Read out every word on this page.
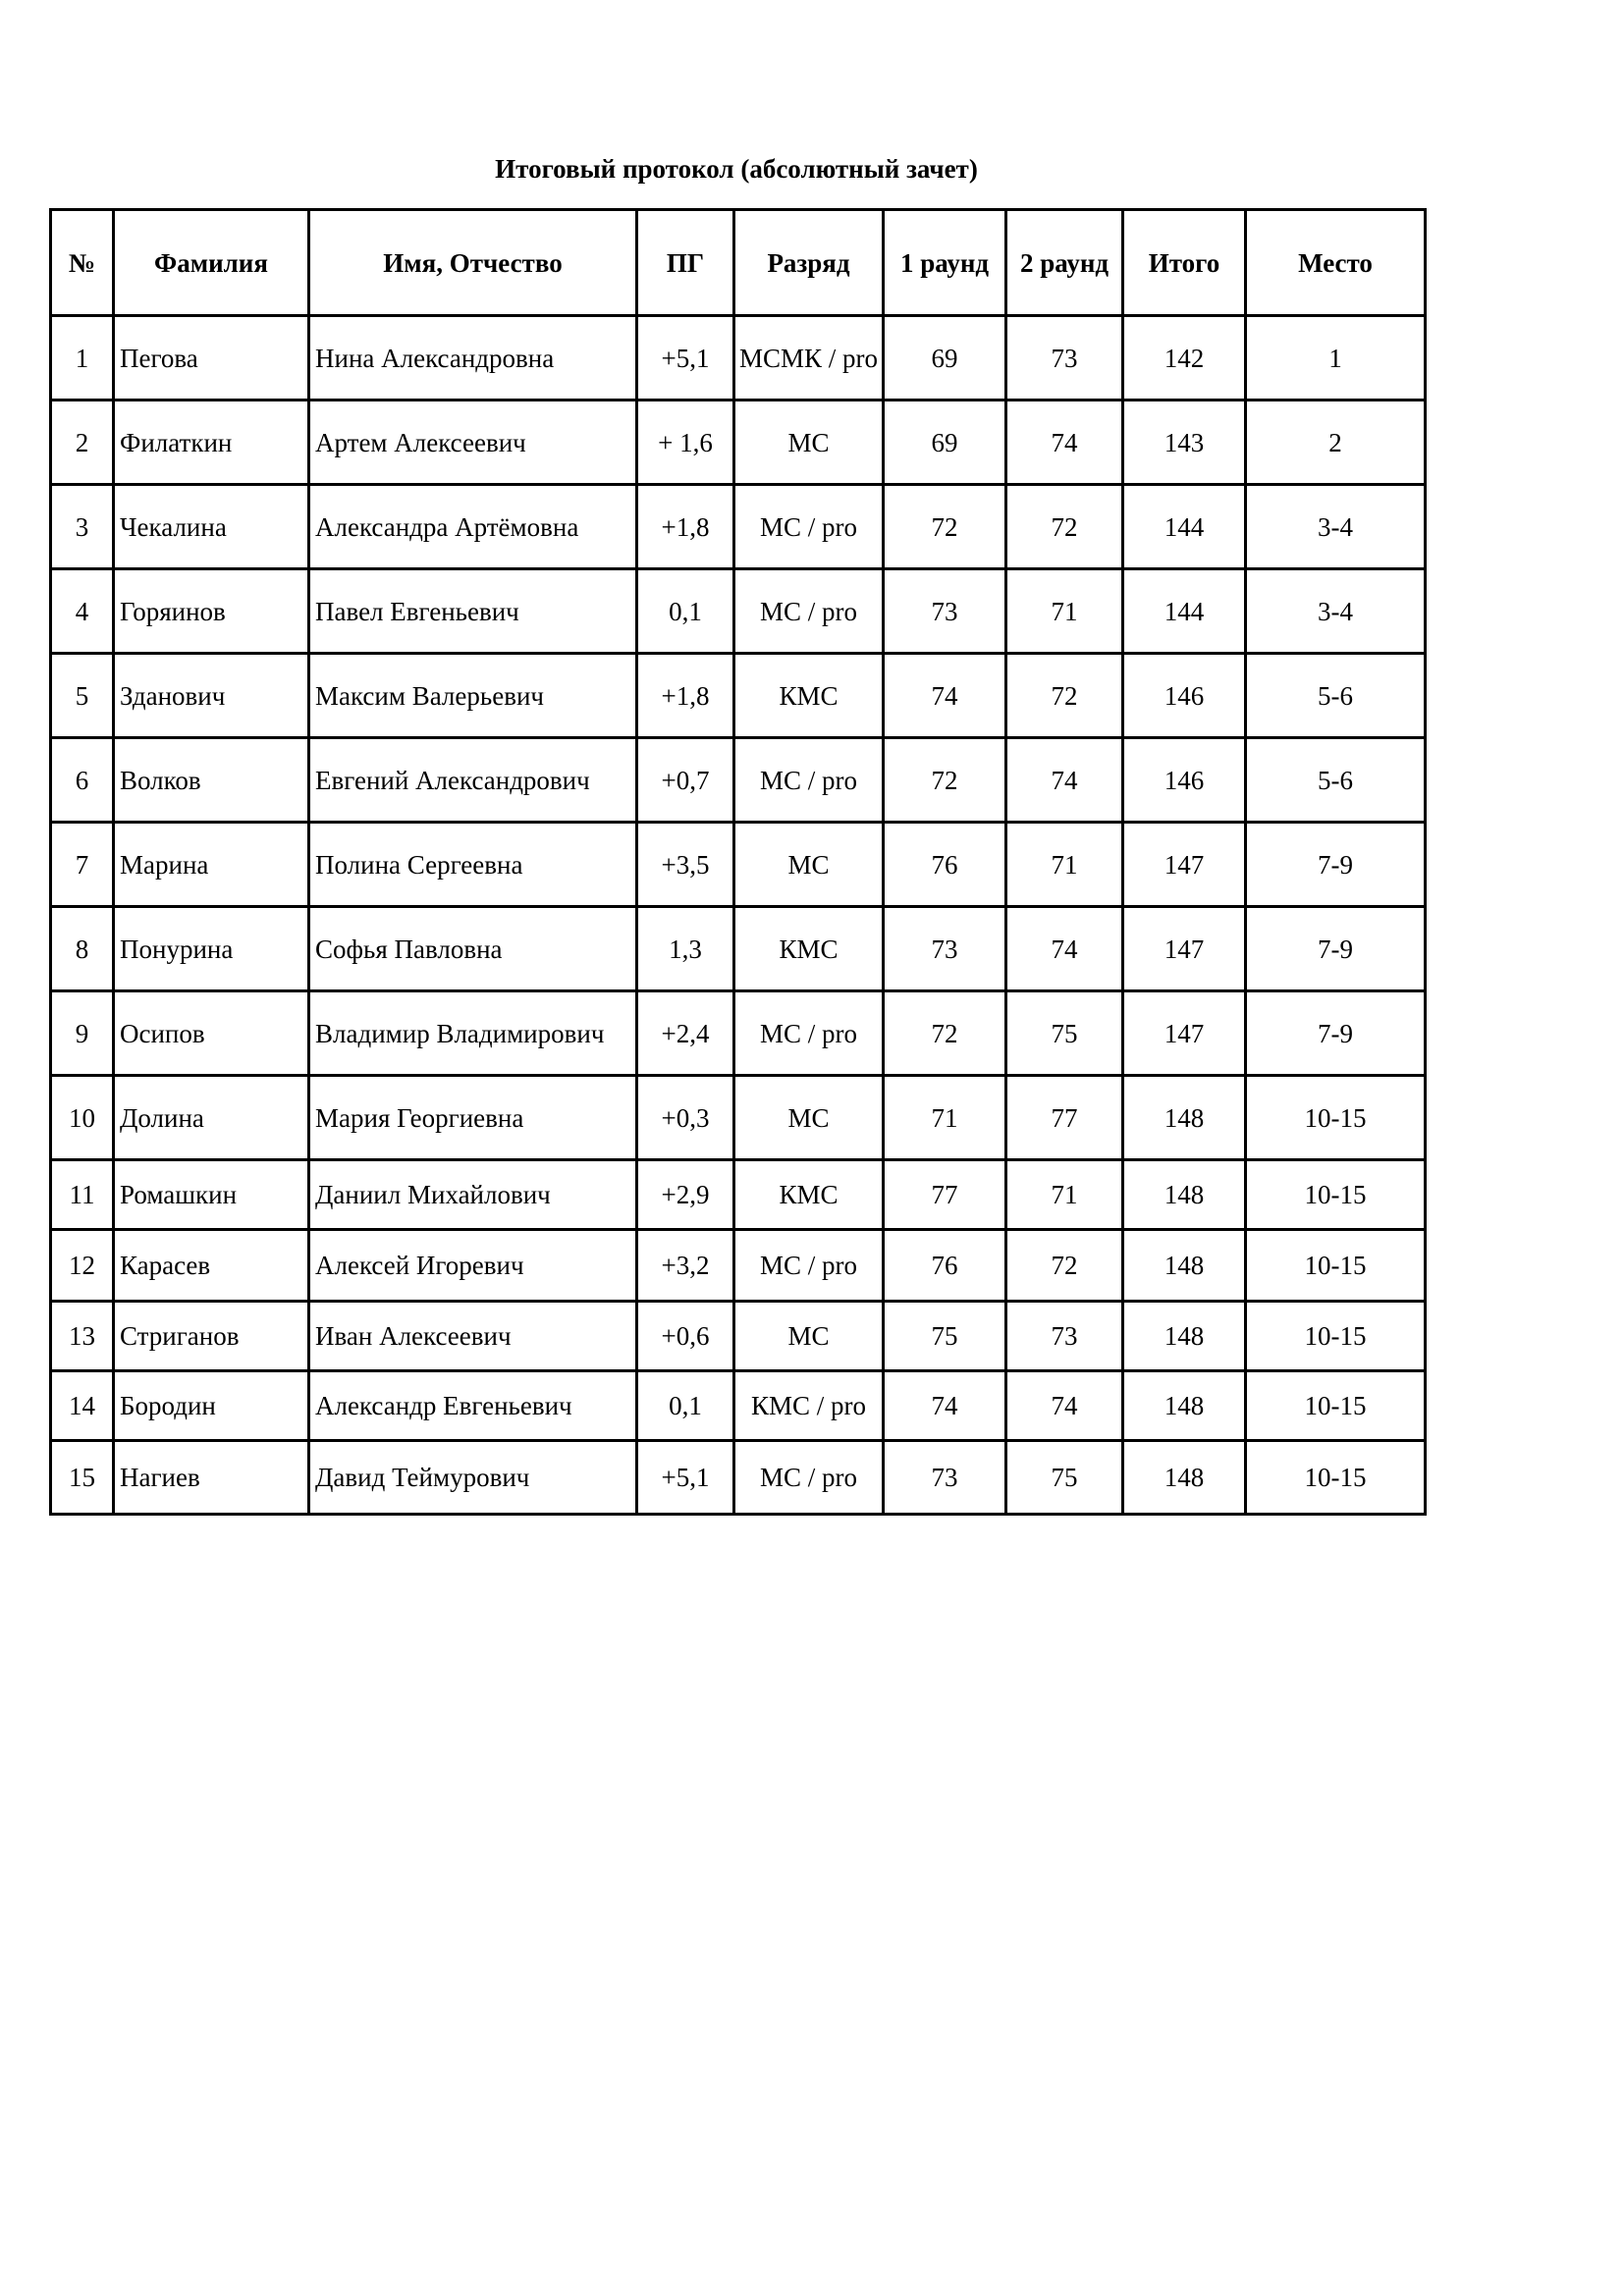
Итоговый протокол (абсолютный зачет)
№	Фамилия	Имя, Отчество	ПГ	Разряд	1 раунд	2 раунд	Итого	Место
1	Пегова	Нина Александровна	+5,1	МСМК / pro	69	73	142	1
2	Филаткин	Артем Алексеевич	+ 1,6	МС	69	74	143	2
3	Чекалина	Александра Артёмовна	+1,8	МС / pro	72	72	144	3-4
4	Горяинов	Павел Евгеньевич	0,1	МС / pro	73	71	144	3-4
5	Зданович	Максим Валерьевич	+1,8	КМС	74	72	146	5-6
6	Волков	Евгений Александрович	+0,7	МС / pro	72	74	146	5-6
7	Марина	Полина Сергеевна	+3,5	МС	76	71	147	7-9
8	Понурина	Софья Павловна	1,3	КМС	73	74	147	7-9
9	Осипов	Владимир Владимирович	+2,4	МС / pro	72	75	147	7-9
10	Долина	Мария Георгиевна	+0,3	МС	71	77	148	10-15
11	Ромашкин	Даниил Михайлович	+2,9	КМС	77	71	148	10-15
12	Карасев	Алексей Игоревич	+3,2	МС / pro	76	72	148	10-15
13	Стриганов	Иван Алексеевич	+0,6	МС	75	73	148	10-15
14	Бородин	Александр Евгеньевич	0,1	КМС / pro	74	74	148	10-15
15	Нагиев	Давид Теймурович	+5,1	МС / pro	73	75	148	10-15
